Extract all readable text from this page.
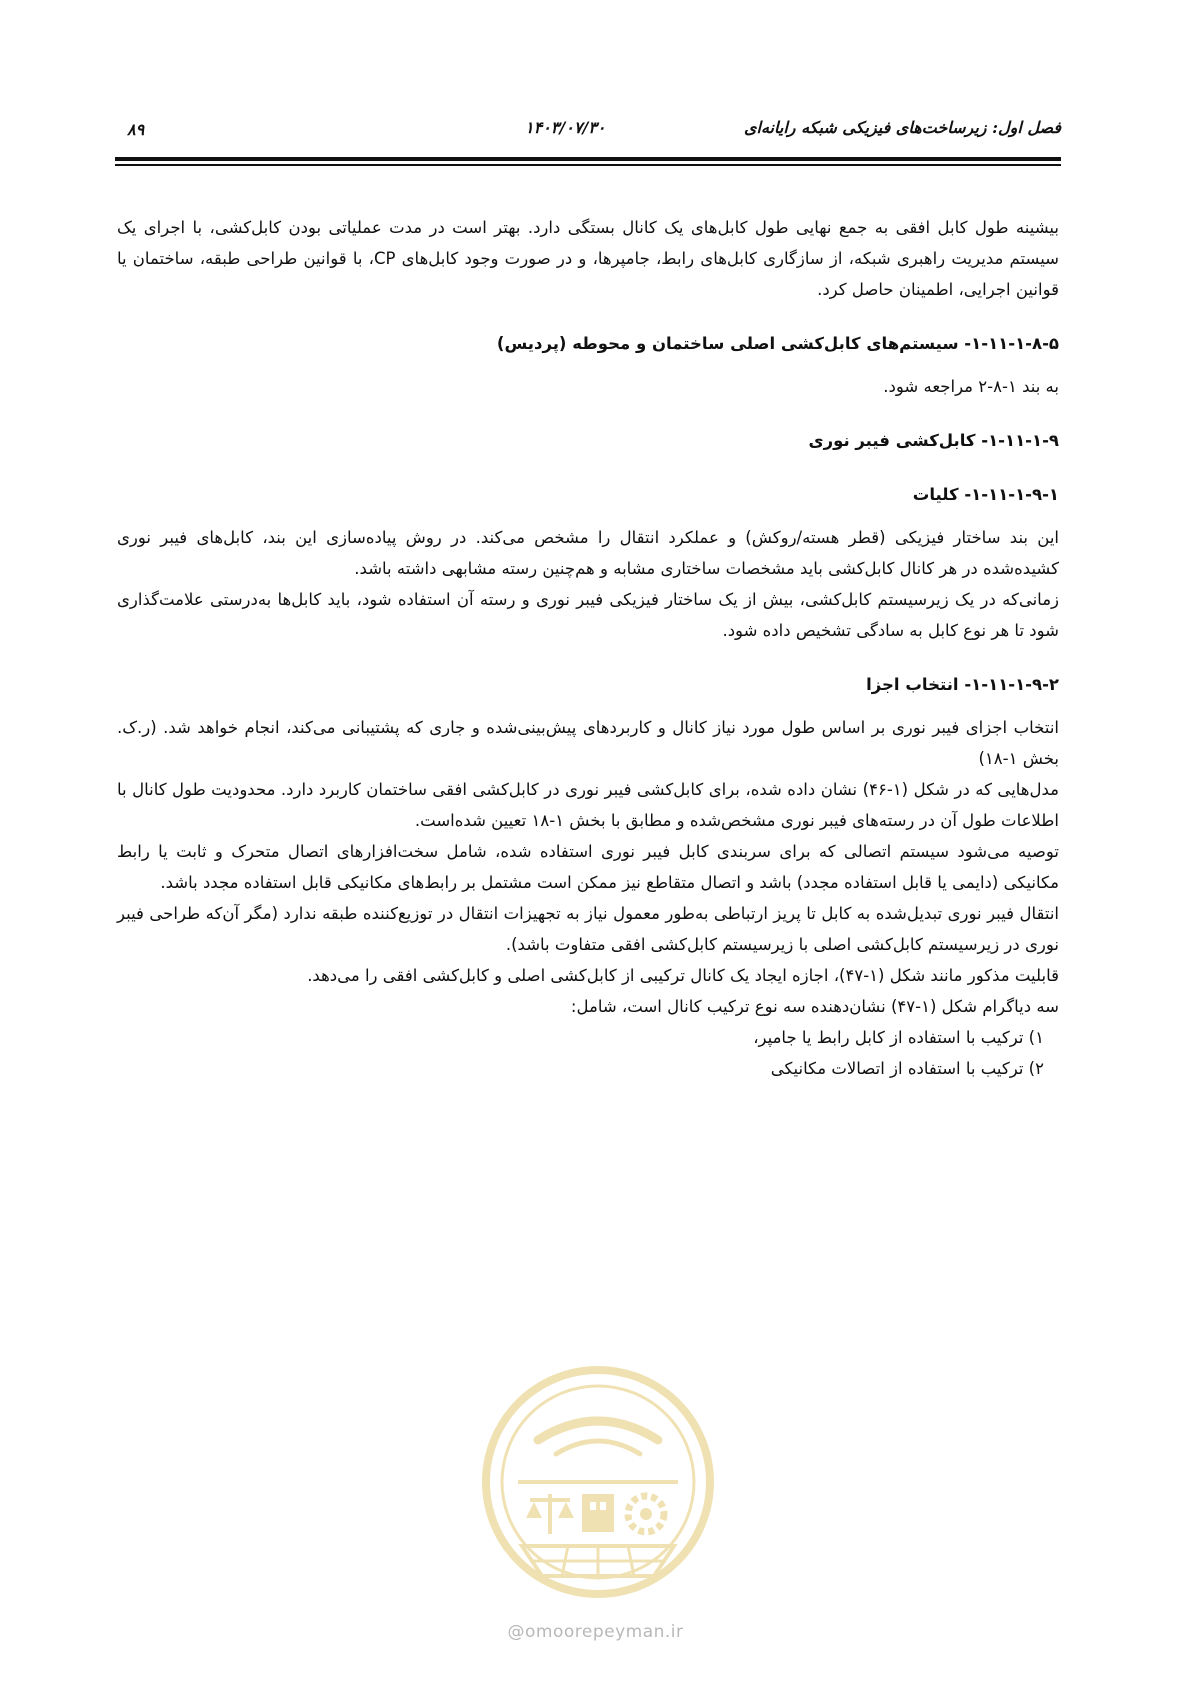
فصل اول: زیرساخت‌های فیزیکی شبکه رایانه‌ای
۱۴۰۳/۰۷/۳۰
۸۹

بیشینه طول کابل افقی به جمع نهایی طول کابل‌های یک کانال بستگی دارد. بهتر است در مدت عملیاتی بودن کابل‌کشی، با اجرای یک سیستم مدیریت راهبری شبکه، از سازگاری کابل‌های رابط، جامپرها، و در صورت وجود کابل‌های CP، با قوانین طراحی طبقه، ساختمان یا قوانین اجرایی، اطمینان حاصل کرد.

۱-۱۱-۱-۸-۵- سیستم‌های کابل‌کشی اصلی ساختمان و محوطه (پردیس)

به بند ۱-۸-۲ مراجعه شود.

۱-۱۱-۱-۹- کابل‌کشی فیبر نوری
۱-۱۱-۱-۹-۱- کلیات

این بند ساختار فیزیکی (قطر هسته/روکش) و عملکرد انتقال را مشخص می‌کند. در روش پیاده‌سازی این بند، کابل‌های فیبر نوری کشیده‌شده در هر کانال کابل‌کشی باید مشخصات ساختاری مشابه و هم‌چنین رسته مشابهی داشته باشد.

زمانی‌که در یک زیرسیستم کابل‌کشی، بیش از یک ساختار فیزیکی فیبر نوری و رسته آن استفاده شود، باید کابل‌ها به‌درستی علامت‌گذاری شود تا هر نوع کابل به سادگی تشخیص داده شود.

۱-۱۱-۱-۹-۲- انتخاب اجزا

انتخاب اجزای فیبر نوری بر اساس طول مورد نیاز کانال و کاربردهای پیش‌بینی‌شده و جاری که پشتیبانی می‌کند، انجام خواهد شد. (ر.ک. بخش ۱-۱۸)

مدل‌هایی که در شکل (۱-۴۶) نشان داده شده، برای کابل‌کشی فیبر نوری در کابل‌کشی افقی ساختمان کاربرد دارد. محدودیت طول کانال با اطلاعات طول آن در رسته‌های فیبر نوری مشخص‌شده و مطابق با بخش ۱-۱۸ تعیین شده‌است.

توصیه می‌شود سیستم اتصالی که برای سربندی کابل فیبر نوری استفاده شده، شامل سخت‌افزارهای اتصال متحرک و ثابت یا رابط مکانیکی (دایمی یا قابل استفاده مجدد) باشد و اتصال متقاطع نیز ممکن است مشتمل بر رابط‌های مکانیکی قابل استفاده مجدد باشد.

انتقال فیبر نوری تبدیل‌شده به کابل تا پریز ارتباطی به‌طور معمول نیاز به تجهیزات انتقال در توزیع‌کننده طبقه ندارد (مگر آن‌که طراحی فیبر نوری در زیرسیستم کابل‌کشی اصلی با زیرسیستم کابل‌کشی افقی متفاوت باشد).

قابلیت مذکور مانند شکل (۱-۴۷)، اجازه ایجاد یک کانال ترکیبی از کابل‌کشی اصلی و کابل‌کشی افقی را می‌دهد.

سه دیاگرام شکل (۱-۴۷) نشان‌دهنده سه نوع ترکیب کانال است، شامل:

۱) ترکیب با استفاده از کابل رابط یا جامپر،

۲) ترکیب با استفاده از اتصالات مکانیکی

@omoorepeyman.ir
